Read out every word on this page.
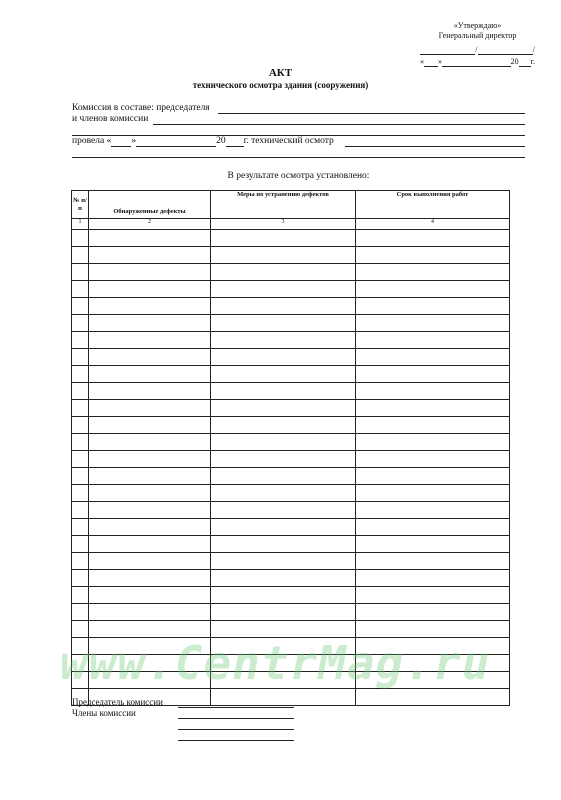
«Утверждаю»
Генеральный директор
/	/
« »	20 г.
АКТ
технического осмотра здания (сооружения)
Комиссия в составе: председателя
и членов комиссии
провела « »	20 г. технический осмотр
В результате осмотра установлено:
№ п/п	Обнаруженные дефекты	Меры по устранению дефектов	Срок выполнения работ
1	2	3	4

Председатель комиссии
Члены комиссии
www.CentrMag.ru
